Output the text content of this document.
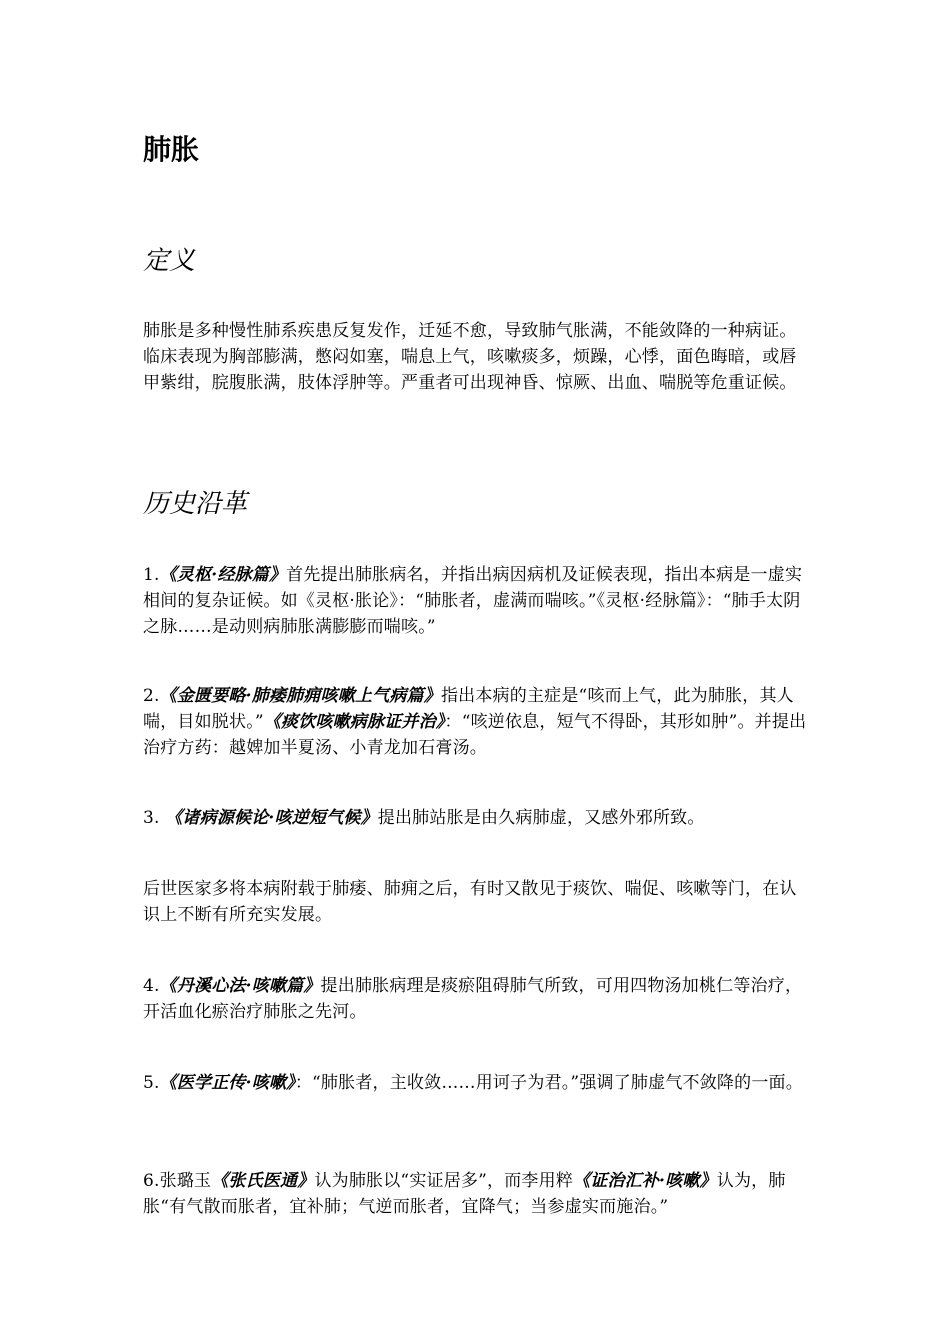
肺胀
定义

肺胀是多种慢性肺系疾患反复发作，迁延不愈，导致肺气胀满，不能敛降的一种病证。临床表现为胸部膨满，憋闷如塞，喘息上气，咳嗽痰多，烦躁，心悸，面色晦暗，或唇甲紫绀，脘腹胀满，肢体浮肿等。严重者可出现神昏、惊厥、出血、喘脱等危重证候。

历史沿革

1.《灵枢·经脉篇》首先提出肺胀病名，并指出病因病机及证候表现，指出本病是一虚实相间的复杂证候。如《灵枢·胀论》：“肺胀者，虚满而喘咳。”《灵枢·经脉篇》：“肺手太阴之脉……是动则病肺胀满膨膨而喘咳。”

2.《金匮要略·肺痿肺痈咳嗽上气病篇》指出本病的主症是“咳而上气，此为肺胀，其人喘，目如脱状。”《痰饮咳嗽病脉证并治》：“咳逆依息，短气不得卧，其形如肿”。并提出治疗方药：越婢加半夏汤、小青龙加石膏汤。

3. 《诸病源候论·咳逆短气候》提出肺站胀是由久病肺虚，又感外邪所致。

后世医家多将本病附载于肺痿、肺痈之后，有时又散见于痰饮、喘促、咳嗽等门，在认识上不断有所充实发展。

4.《丹溪心法·咳嗽篇》提出肺胀病理是痰瘀阻碍肺气所致，可用四物汤加桃仁等治疗，开活血化瘀治疗肺胀之先河。

5.《医学正传·咳嗽》：“肺胀者，主收敛……用诃子为君。”强调了肺虚气不敛降的一面。

6.张璐玉《张氏医通》认为肺胀以“实证居多”，而李用粹《证治汇补·咳嗽》认为，肺胀“有气散而胀者，宜补肺；气逆而胀者，宜降气；当参虚实而施治。”
